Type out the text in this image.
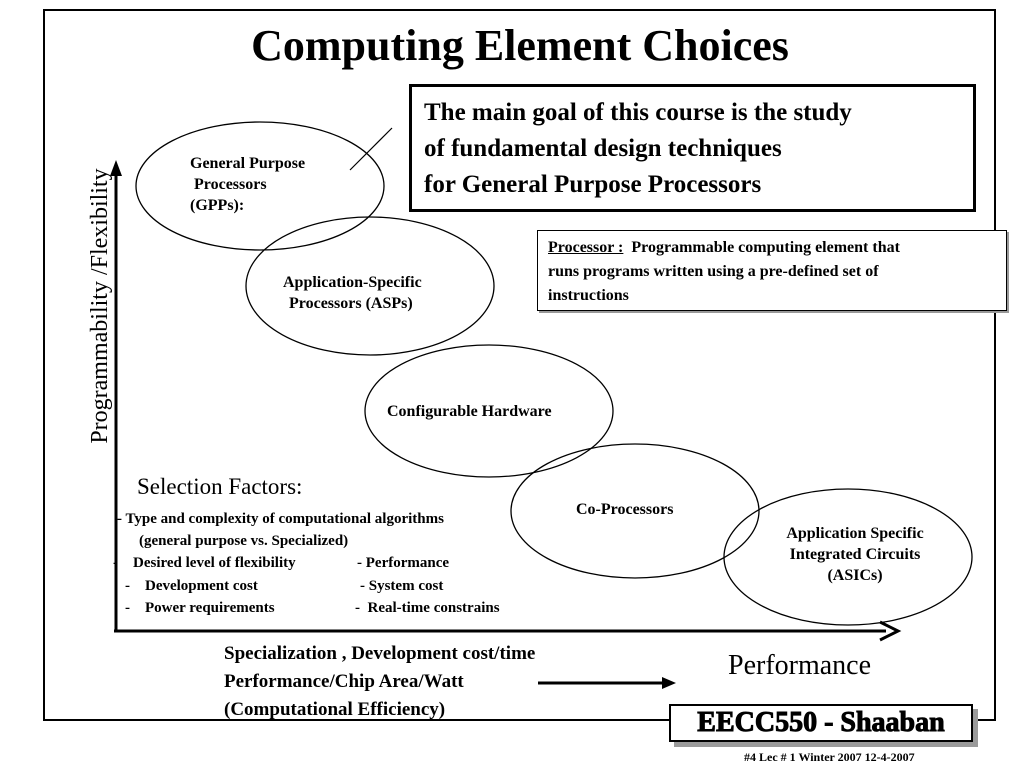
Computing Element Choices
Programmability /Flexibility
The main goal of this course is the study
of fundamental design techniques
for General Purpose Processors
Processor : Programmable computing element that
runs programs written using a pre-defined set of
instructions
General Purpose
Processors
(GPPs):
Application-Specific
Processors (ASPs)
Configurable Hardware
Co-Processors
Application Specific
Integrated Circuits
(ASICs)
Selection Factors:
- Type and complexity of computational algorithms
(general purpose vs. Specialized)
-    Desired level of flexibility	- Performance
-    Development cost	- System cost
-    Power requirements	-  Real-time constrains
Specialization , Development cost/time
Performance/Chip Area/Watt
(Computational Efficiency)
Performance
EECC550 - Shaaban
#4 Lec # 1 Winter 2007 12-4-2007
